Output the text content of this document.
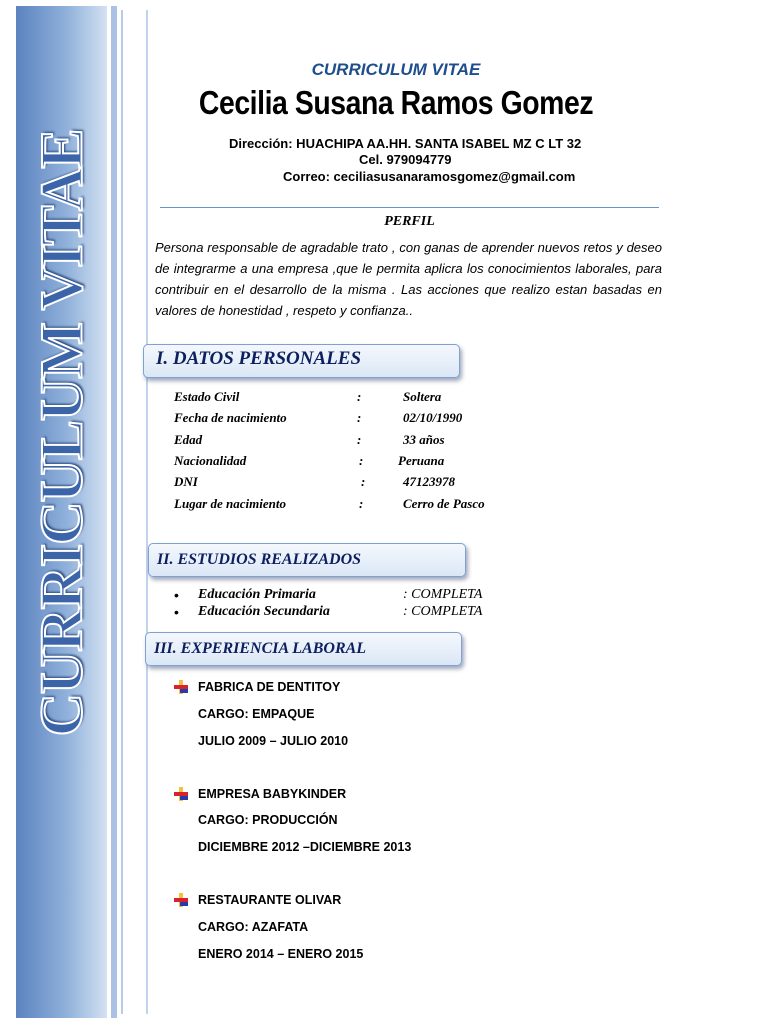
CURRICULUM VITAE
CURRICULUM VITAE
Cecilia Susana Ramos Gomez
Dirección: HUACHIPA AA.HH. SANTA ISABEL MZ C LT 32
Cel. 979094779
Correo: ceciliasusanaramosgomez@gmail.com
PERFIL
Persona responsable de agradable trato , con ganas de aprender nuevos retos y deseo de integrarme a una empresa ,que le permita aplicra los conocimientos laborales, para contribuir en el desarrollo de la misma . Las acciones que realizo estan basadas en valores de honestidad , respeto y confianza..
I. DATOS PERSONALES
Estado Civil	:	Soltera
Fecha de nacimiento	:	02/10/1990
Edad	:	33 años
Nacionalidad	:	Peruana
DNI	:	47123978
Lugar de nacimiento	:	Cerro de Pasco
II. ESTUDIOS REALIZADOS
• Educación Primaria	: COMPLETA
• Educación Secundaria	: COMPLETA
III. EXPERIENCIA LABORAL
FABRICA DE DENTITOY
CARGO: EMPAQUE
JULIO 2009 – JULIO 2010
EMPRESA BABYKINDER
CARGO: PRODUCCIÓN
DICIEMBRE 2012 –DICIEMBRE 2013
RESTAURANTE OLIVAR
CARGO: AZAFATA
ENERO 2014 – ENERO 2015
